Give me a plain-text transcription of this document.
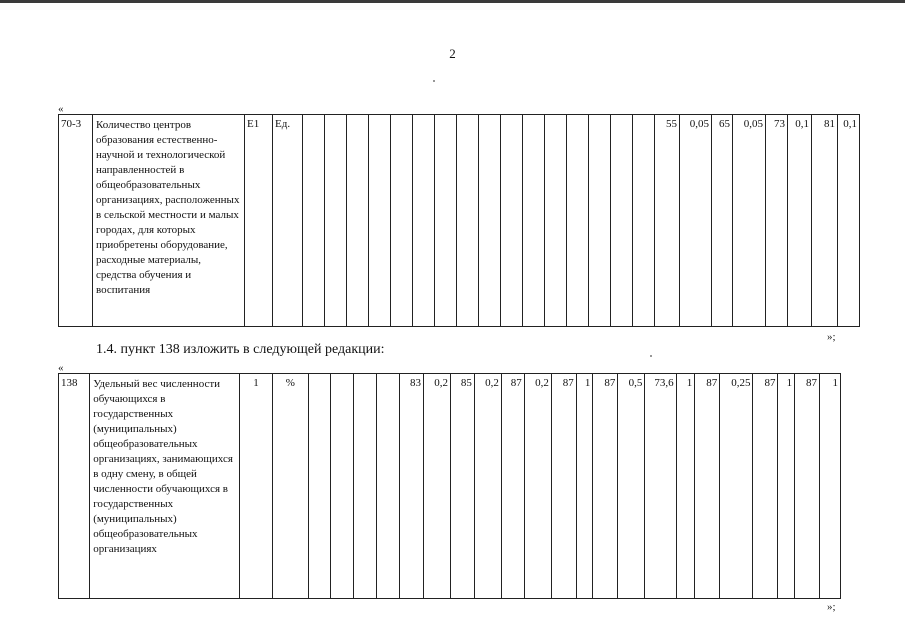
2
«
70-3	Количество центров образования естественно-научной и технологической направленностей в общеобразовательных организациях, расположенных в сельской местности и малых городах, для которых приобретены оборудование, расходные материалы, средства обучения и воспитания	Е1	Ед.																	55	0,05	65	0,05	73	0,1	81	0,1
»;
1.4. пункт 138 изложить в следующей редакции:
«
138	Удельный вес численности обучающихся в государственных (муниципальных) общеобразовательных организациях, занимающихся в одну смену, в общей численности обучающихся в государственных (муниципальных) общеобразовательных организациях	1	%					83	0,2	85	0,2	87	0,2	87	1	87	0,5	73,6	1	87	0,25	87	1	87	1
»;
